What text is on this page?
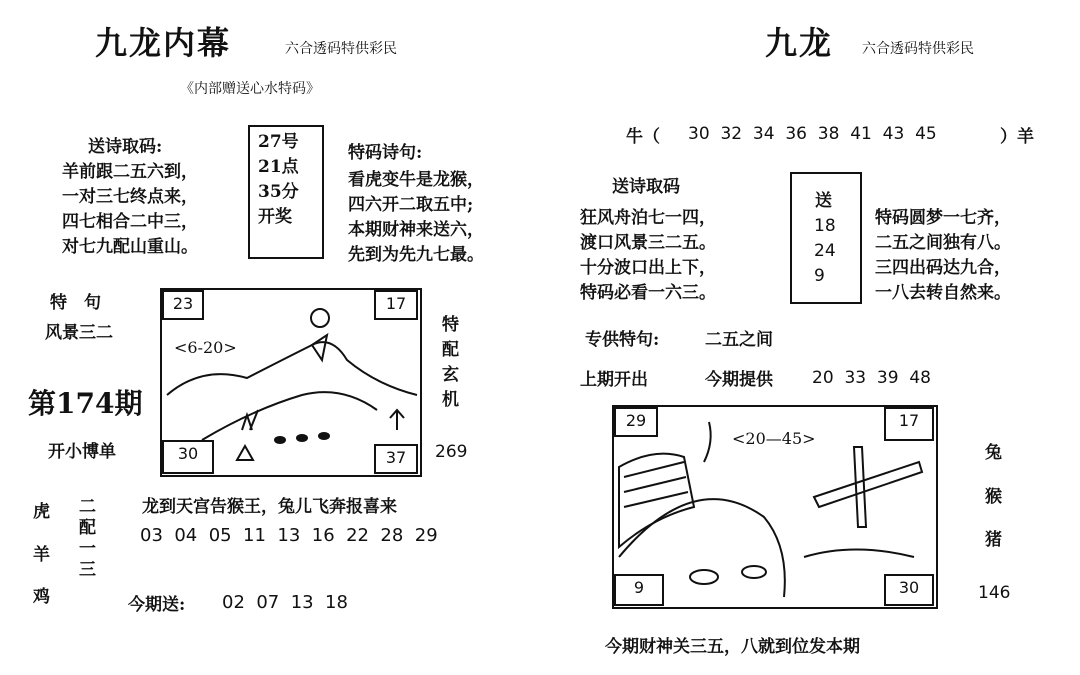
九龙内幕	六合透码特供彩民
《内部赠送心水特码》
送诗取码:
羊前跟二五六到，
一对三七终点来，
四七相合二中三，
对七九配山重山。
27号
21点
35分
开奖
特码诗句:
看虎变牛是龙猴，
四六开二取五中;
本期财神来送六，
先到为先九七最。
特　句
风景三二
第174期
开小博单
<6-20>
23	17
30	37
特配玄机
269
虎
羊
鸡
二配一三	龙到天宫告猴王，兔儿飞奔报喜来
03  04  05  11  13  16  22  28  29
今期送: 02  07  13  18
九龙 六合透码特供彩民
牛（ 30  32  34  36  38  41  43  45	）羊
送诗取码
狂风舟泊七一四，
渡口风景三二五。
十分波口出上下，
特码必看一六三。
送
18
24
9
特码圆梦一七齐，
二五之间独有八。
三四出码达九合，
一八去转自然来。
专供特句:	二五之间
上期开出	今期提供 20  33  39  48
<20—45>
29	17
9	30
兔
猴
猪
146
今期财神关三五，八就到位发本期
